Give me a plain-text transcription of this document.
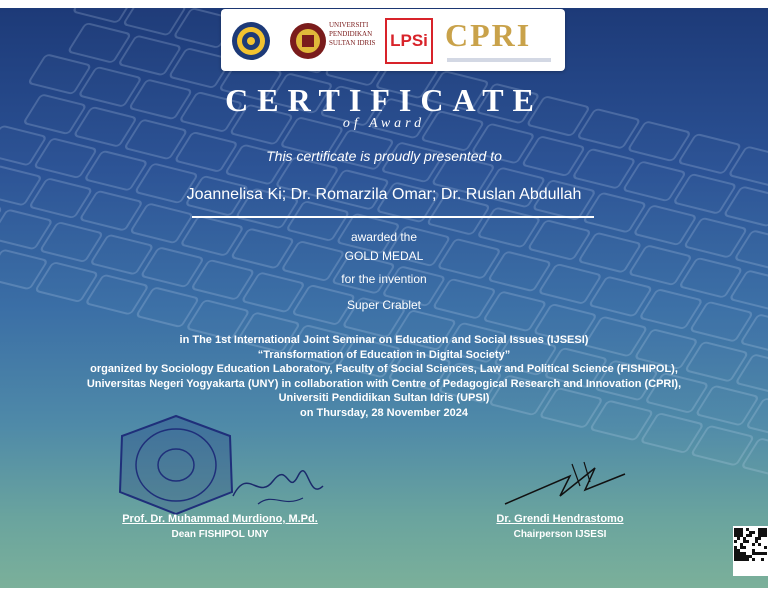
UNIVERSITI
PENDIDIKAN
SULTAN IDRIS LPSi CPRI
CERTIFICATE
of Award
This certificate is proudly presented to
Joannelisa Ki; Dr. Romarzila Omar; Dr. Ruslan Abdullah
awarded the
GOLD MEDAL
for the invention
Super Crablet
in The 1st International Joint Seminar on Education and Social Issues (IJSESI)
“Transformation of Education in Digital Society”
organized by Sociology Education Laboratory, Faculty of Social Sciences, Law and Political Science (FISHIPOL),
Universitas Negeri Yogyakarta (UNY) in collaboration with Centre of Pedagogical Research and Innovation (CPRI),
Universiti Pendidikan Sultan Idris (UPSI)
on Thursday, 28 November 2024
Prof. Dr. Muhammad Murdiono, M.Pd.
Dean FISHIPOL UNY
Dr. Grendi Hendrastomo
Chairperson IJSESI
